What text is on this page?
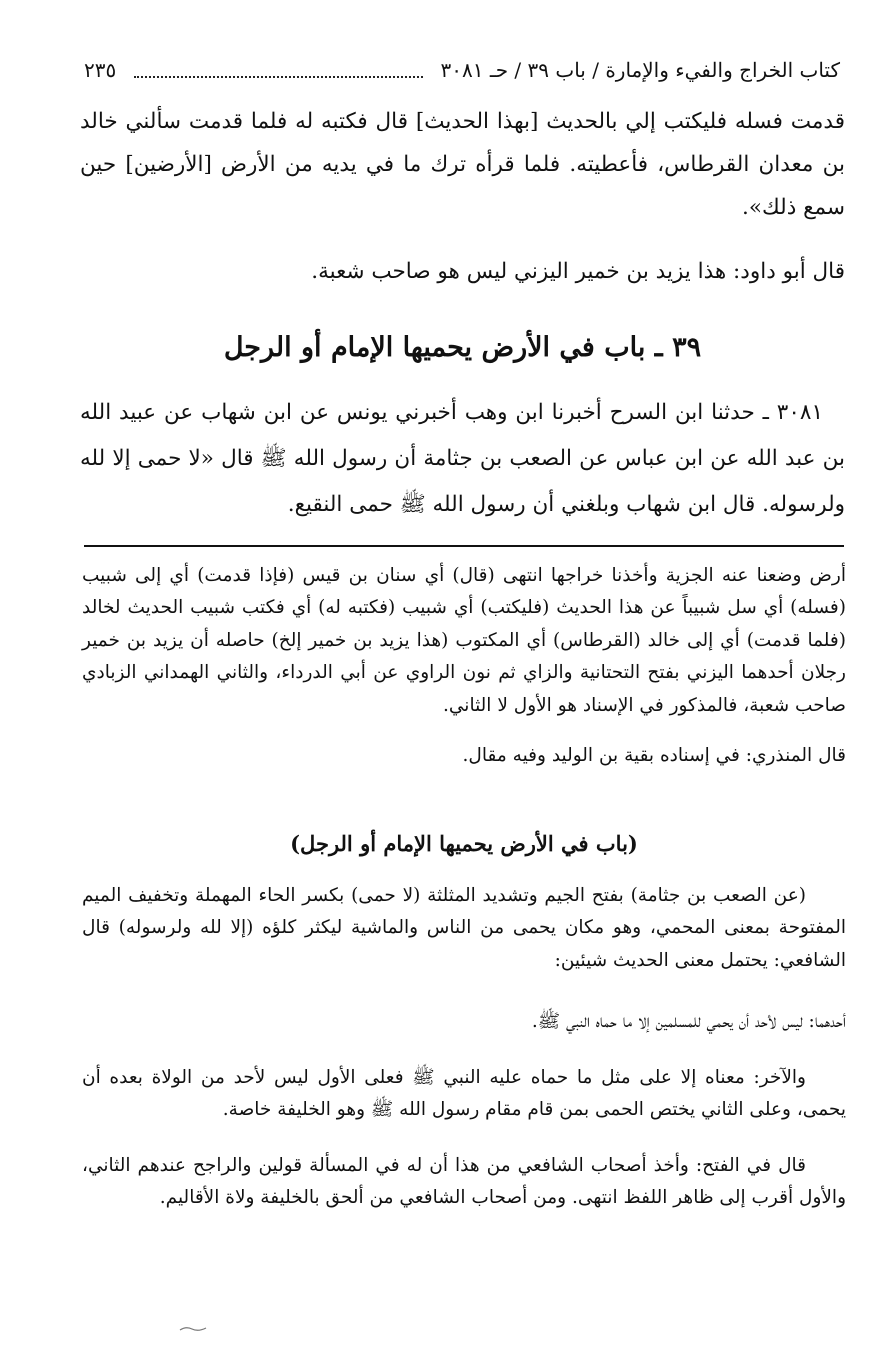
كتاب الخراج والفيء والإمارة / باب ٣٩ / حـ ٣٠٨١
٢٣٥

قدمت فسله فليكتب إلي بالحديث [بهذا الحديث] قال فكتبه له فلما قدمت سألني خالد بن معدان القرطاس، فأعطيته. فلما قرأه ترك ما في يديه من الأرض [الأرضين] حين سمع ذلك».

قال أبو داود: هذا يزيد بن خمير اليزني ليس هو صاحب شعبة.

٣٩ ـ باب في الأرض يحميها الإمام أو الرجل

٣٠٨١ ـ حدثنا ابن السرح أخبرنا ابن وهب أخبرني يونس عن ابن شهاب عن عبيد الله بن عبد الله عن ابن عباس عن الصعب بن جثامة أن رسول الله ﷺ قال «لا حمى إلا لله ولرسوله. قال ابن شهاب وبلغني أن رسول الله ﷺ حمى النقيع.

أرض وضعنا عنه الجزية وأخذنا خراجها انتهى (قال) أي سنان بن قيس (فإذا قدمت) أي إلى شبيب (فسله) أي سل شبيباً عن هذا الحديث (فليكتب) أي شبيب (فكتبه له) أي فكتب شبيب الحديث لخالد (فلما قدمت) أي إلى خالد (القرطاس) أي المكتوب (هذا يزيد بن خمير إلخ) حاصله أن يزيد بن خمير رجلان أحدهما اليزني بفتح التحتانية والزاي ثم نون الراوي عن أبي الدرداء، والثاني الهمداني الزبادي صاحب شعبة، فالمذكور في الإسناد هو الأول لا الثاني.

قال المنذري: في إسناده بقية بن الوليد وفيه مقال.

(باب في الأرض يحميها الإمام أو الرجل)

(عن الصعب بن جثامة) بفتح الجيم وتشديد المثلثة (لا حمى) بكسر الحاء المهملة وتخفيف الميم المفتوحة بمعنى المحمي، وهو مكان يحمى من الناس والماشية ليكثر كلؤه (إلا لله ولرسوله) قال الشافعي: يحتمل معنى الحديث شيئين:

أحدهما: ليس لأحد أن يحمي للمسلمين إلا ما حماه النبي ﷺ.

والآخر: معناه إلا على مثل ما حماه عليه النبي ﷺ فعلى الأول ليس لأحد من الولاة بعده أن يحمى، وعلى الثاني يختص الحمى بمن قام مقام رسول الله ﷺ وهو الخليفة خاصة.

قال في الفتح: وأخذ أصحاب الشافعي من هذا أن له في المسألة قولين والراجح عندهم الثاني، والأول أقرب إلى ظاهر اللفظ انتهى. ومن أصحاب الشافعي من ألحق بالخليفة ولاة الأقاليم.
